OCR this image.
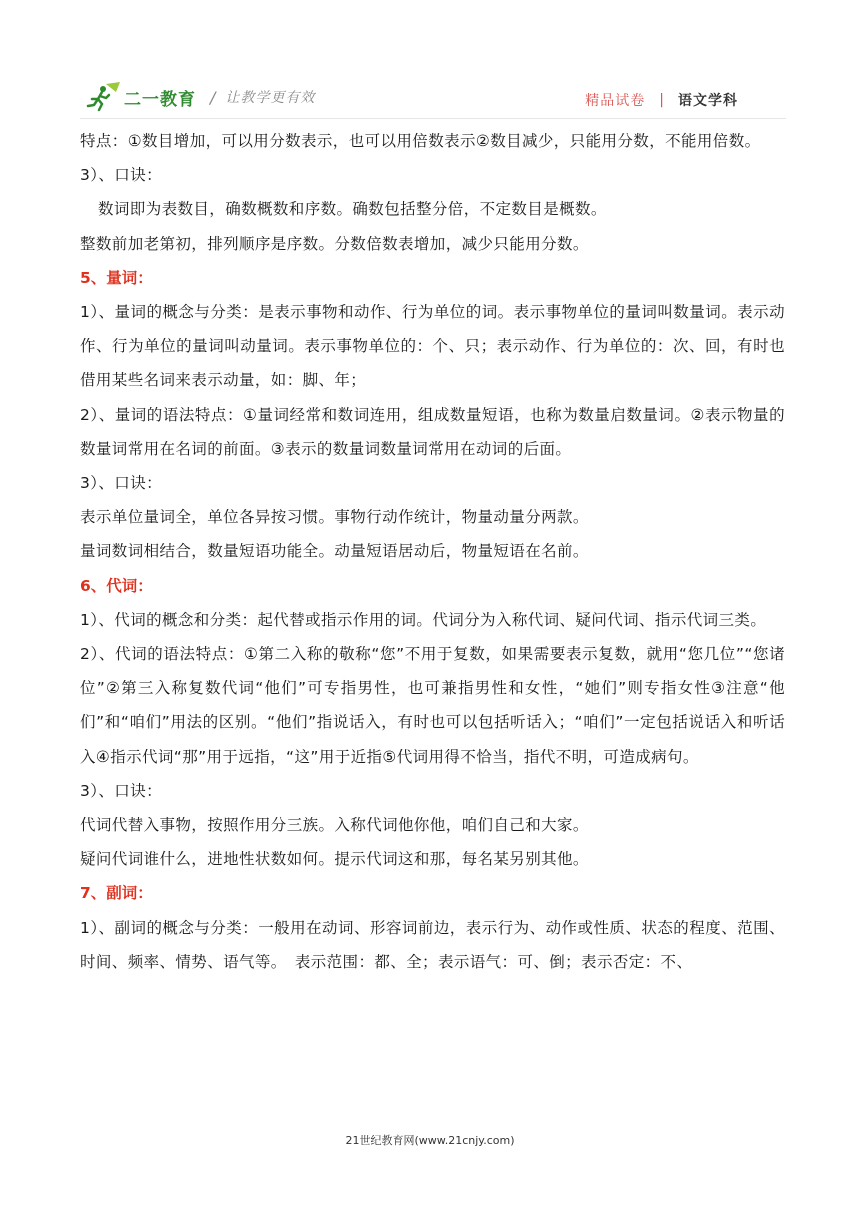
二一教育 / 让教学更有效	精品试卷 | 语文学科

特点：①数目增加，可以用分数表示，也可以用倍数表示②数目减少，只能用分数，不能用倍数。

3）、口诀：

数词即为表数目，确数概数和序数。确数包括整分倍，不定数目是概数。

整数前加老第初，排列顺序是序数。分数倍数表增加，减少只能用分数。

5、量词：

1）、量词的概念与分类：是表示事物和动作、行为单位的词。表示事物单位的量词叫数量词。表示动作、行为单位的量词叫动量词。表示事物单位的：个、只；表示动作、行为单位的：次、回，有时也借用某些名词来表示动量，如：脚、年；

2）、量词的语法特点：①量词经常和数词连用，组成数量短语，也称为数量启数量词。②表示物量的数量词常用在名词的前面。③表示的数量词数量词常用在动词的后面。

3）、口诀：

表示单位量词全，单位各异按习惯。事物行动作统计，物量动量分两款。

量词数词相结合，数量短语功能全。动量短语居动后，物量短语在名前。

6、代词：

1）、代词的概念和分类：起代替或指示作用的词。代词分为入称代词、疑问代词、指示代词三类。

2）、代词的语法特点：①第二入称的敬称“您”不用于复数，如果需要表示复数，就用“您几位”“您诸位”②第三入称复数代词“他们”可专指男性，也可兼指男性和女性，“她们”则专指女性③注意“他们”和“咱们”用法的区别。“他们”指说话入，有时也可以包括听话入；“咱们”一定包括说话入和听话入④指示代词“那”用于远指，“这”用于近指⑤代词用得不恰当，指代不明，可造成病句。

3）、口诀：

代词代替入事物，按照作用分三族。入称代词他你他，咱们自己和大家。

疑问代词谁什么，进地性状数如何。提示代词这和那，每名某另别其他。

7、副词：

1）、副词的概念与分类：一般用在动词、形容词前边，表示行为、动作或性质、状态的程度、范围、时间、频率、情势、语气等。　表示范围：都、全；表示语气：可、倒；表示否定：不、

21世纪教育网(www.21cnjy.com)
